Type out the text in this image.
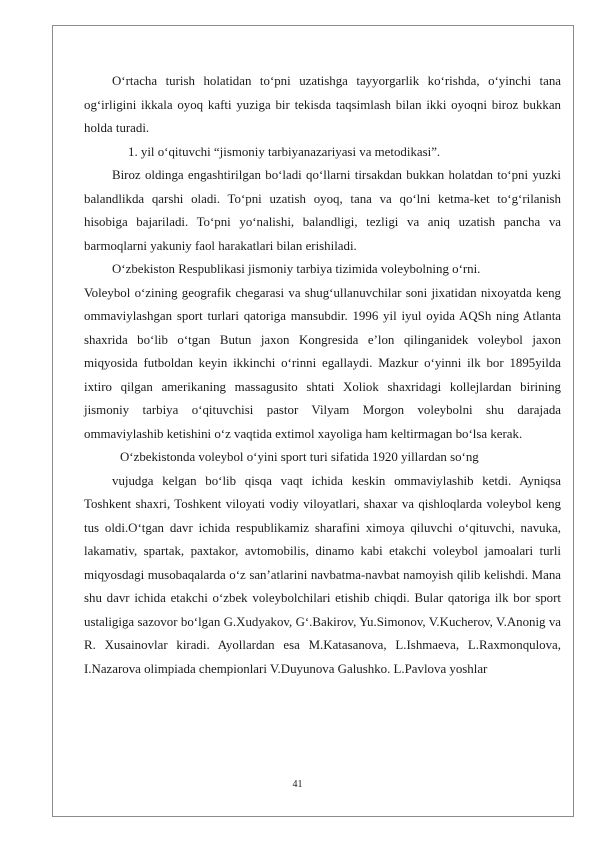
O‘rtacha turish holatidan to‘pni uzatishga tayyorgarlik ko‘rishda, o‘yinchi tana og‘irligini ikkala oyoq kafti yuziga bir tekisda taqsimlash bilan ikki oyoqni biroz bukkan holda turadi.

1. yil o‘qituvchi “jismoniy tarbiyanazariyasi va metodikasi”.

Biroz oldinga engashtirilgan bo‘ladi qo‘llarni tirsakdan bukkan holatdan to‘pni yuzki balandlikda qarshi oladi. To‘pni uzatish oyoq, tana va qo‘lni ketma-ket to‘g‘rilanish hisobiga bajariladi. To‘pni yo‘nalishi, balandligi, tezligi va aniq uzatish pancha va barmoqlarni yakuniy faol harakatlari bilan erishiladi.

O‘zbekiston Respublikasi jismoniy tarbiya tizimida voleybolning o‘rni.

Voleybol o‘zining geografik chegarasi va shug‘ullanuvchilar soni jixatidan nixoyatda keng ommaviylashgan sport turlari qatoriga mansubdir. 1996 yil iyul oyida AQSh ning Atlanta shaxrida bo‘lib o‘tgan Butun jaxon Kongresida e’lon qilinganidek voleybol jaxon miqyosida futboldan keyin ikkinchi o‘rinni egallaydi. Mazkur o‘yinni ilk bor 1895yilda ixtiro qilgan amerikaning massagusito shtati Xoliok shaxridagi kollejlardan birining jismoniy tarbiya o‘qituvchisi pastor Vilyam Morgon voleybolni shu darajada ommaviylashib ketishini o‘z vaqtida extimol xayoliga ham keltirmagan bo‘lsa kerak.

O‘zbekistonda voleybol o‘yini sport turi sifatida 1920 yillardan so‘ng

vujudga kelgan bo‘lib qisqa vaqt ichida keskin ommaviylashib ketdi. Ayniqsa Toshkent shaxri, Toshkent viloyati vodiy viloyatlari, shaxar va qishloqlarda voleybol keng tus oldi.O‘tgan davr ichida respublikamiz sharafini ximoya qiluvchi o‘qituvchi, navuka, lakamativ, spartak, paxtakor, avtomobilis, dinamo kabi etakchi voleybol jamoalari turli miqyosdagi musobaqalarda o‘z san’atlarini navbatma-navbat namoyish qilib kelishdi. Mana shu davr ichida etakchi o‘zbek voleybolchilari etishib chiqdi. Bular qatoriga ilk bor sport ustaligiga sazovor bo‘lgan G.Xudyakov, G‘.Bakirov, Yu.Simonov, V.Kucherov, V.Anonig va R. Xusainovlar kiradi. Ayollardan esa M.Katasanova, L.Ishmaeva, L.Raxmonqulova, I.Nazarova olimpiada chempionlari V.Duyunova Galushko. L.Pavlova yoshlar

41
